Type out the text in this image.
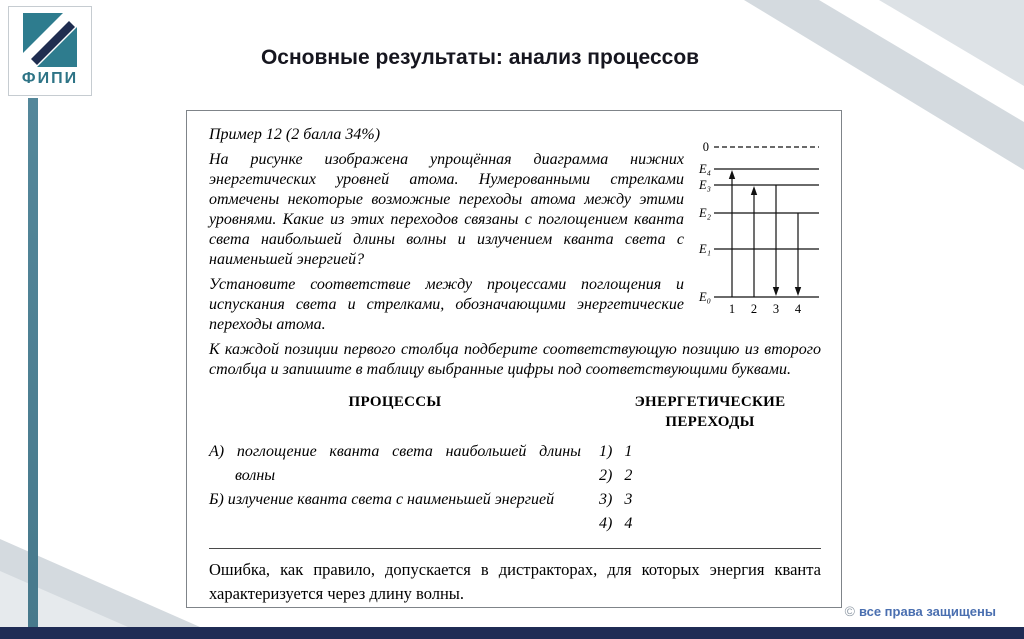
ФИПИ
Основные результаты: анализ процессов
0
E₄
E₃
E₂
E₁
E₀
1 2 3 4

Пример 12 (2 балла 34%)

На рисунке изображена упрощённая диаграмма нижних энергетических уровней атома. Нумерованными стрелками отмечены некоторые возможные переходы атома между этими уровнями. Какие из этих переходов связаны с поглощением кванта света наибольшей длины волны и излучением кванта света с наименьшей энергией?

Установите соответствие между процессами поглощения и испускания света и стрелками, обозначающими энергетические переходы атома.

К каждой позиции первого столбца подберите соответствующую позицию из второго столбца и запишите в таблицу выбранные цифры под соответствующими буквами.

ПРОЦЕССЫ

А) поглощение кванта света наибольшей длины волны

Б) излучение кванта света с наименьшей энергией

ЭНЕРГЕТИЧЕСКИЕ ПЕРЕХОДЫ

1)   1

2)   2

3)   3

4)   4

Ошибка, как правило, допускается в дистракторах, для которых энергия кванта характеризуется через длину волны.

© все права защищены
